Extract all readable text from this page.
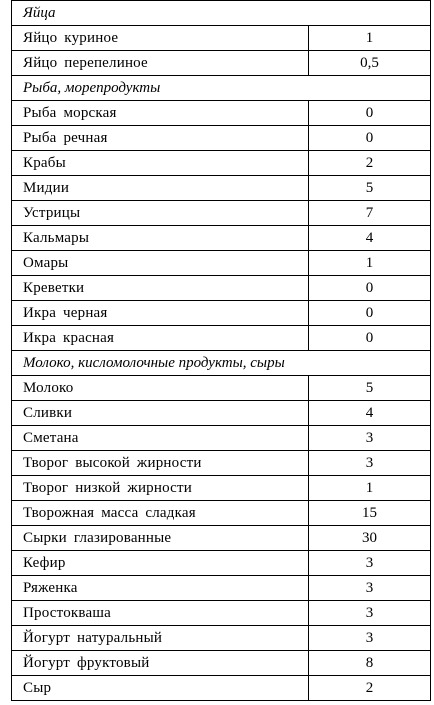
Яйца	
Яйцо куриное	1
Яйцо перепелиное	0,5
Рыба, морепродукты	
Рыба морская	0
Рыба речная	0
Крабы	2
Мидии	5
Устрицы	7
Кальмары	4
Омары	1
Креветки	0
Икра черная	0
Икра красная	0
Молоко, кисломолочные продукты, сыры	
Молоко	5
Сливки	4
Сметана	3
Творог высокой жирности	3
Творог низкой жирности	1
Творожная масса сладкая	15
Сырки глазированные	30
Кефир	3
Ряженка	3
Простокваша	3
Йогурт натуральный	3
Йогурт фруктовый	8
Сыр	2
